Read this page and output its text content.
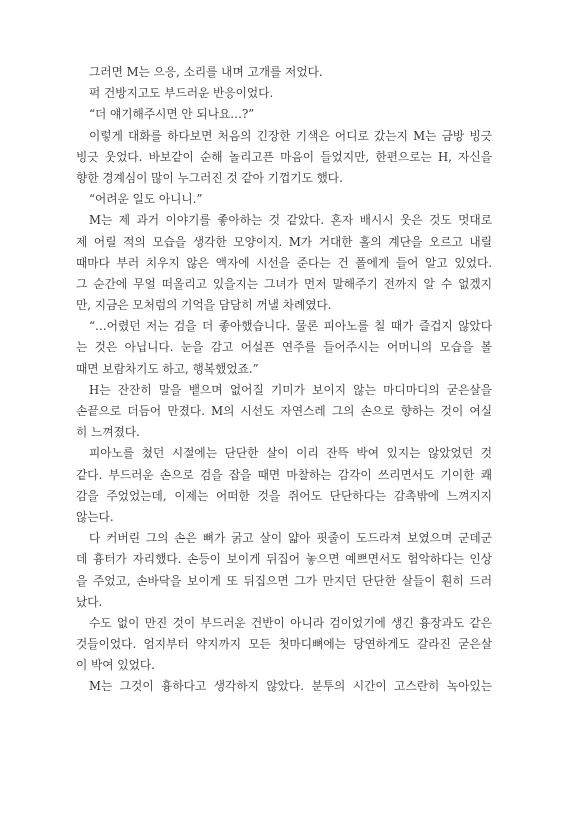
그러면 M는 으응, 소리를 내며 고개를 저었다.
퍽 건방지고도 부드러운 반응이었다.
“더 얘기해주시면 안 되나요…?”
이렇게 대화를 하다보면 처음의 긴장한 기색은 어디로 갔는지 M는 금방 빙긋
빙긋 웃었다. 바보같이 순해 놀리고픈 마음이 들었지만, 한편으로는 H, 자신을
향한 경계심이 많이 누그러진 것 같아 기껍기도 했다.
“어려운 일도 아니니.”
M는 제 과거 이야기를 좋아하는 것 같았다. 혼자 배시시 웃은 것도 멋대로
제 어릴 적의 모습을 생각한 모양이지. M가 거대한 홀의 계단을 오르고 내릴
때마다 부러 치우지 않은 액자에 시선을 준다는 건 폴에게 들어 알고 있었다.
그 순간에 무얼 떠올리고 있을지는 그녀가 먼저 말해주기 전까지 알 수 없겠지
만, 지금은 모처럼의 기억을 담담히 꺼낼 차례였다.
“…어렸던 저는 검을 더 좋아했습니다. 물론 피아노를 칠 때가 즐겁지 않았다
는 것은 아닙니다. 눈을 감고 어설픈 연주를 들어주시는 어머니의 모습을 볼
때면 보람차기도 하고, 행복했었죠.”
H는 잔잔히 말을 뱉으며 없어질 기미가 보이지 않는 마디마디의 굳은살을
손끝으로 더듬어 만졌다. M의 시선도 자연스레 그의 손으로 향하는 것이 여실
히 느껴졌다.
피아노를 쳤던 시절에는 단단한 살이 이리 잔뜩 박여 있지는 않았었던 것
같다. 부드러운 손으로 검을 잡을 때면 마찰하는 감각이 쓰리면서도 기이한 쾌
감을 주었었는데, 이제는 어떠한 것을 쥐어도 단단하다는 감촉밖에 느껴지지
않는다.
다 커버린 그의 손은 뼈가 굵고 살이 얇아 핏줄이 도드라져 보였으며 군데군
데 흉터가 자리했다. 손등이 보이게 뒤집어 놓으면 예쁘면서도 험악하다는 인상
을 주었고, 손바닥을 보이게 또 뒤집으면 그가 만지던 단단한 살들이 훤히 드러
났다.
수도 없이 만진 것이 부드러운 건반이 아니라 검이었기에 생긴 흉장과도 같은
것들이었다. 엄지부터 약지까지 모든 첫마디뼈에는 당연하게도 갈라진 굳은살
이 박여 있었다.
M는 그것이 흉하다고 생각하지 않았다. 분투의 시간이 고스란히 녹아있는
